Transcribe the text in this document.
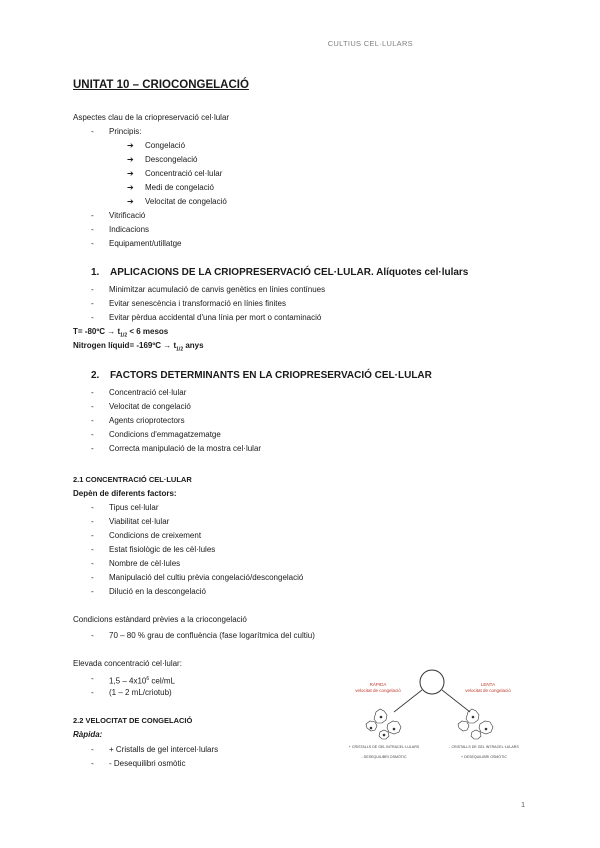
CULTIUS CEL·LULARS
UNITAT 10 – CRIOCONGELACIÓ
Aspectes clau de la criopreservació cel·lular
- Principis:
➔ Congelació
➔ Descongelació
➔ Concentració cel·lular
➔ Medi de congelació
➔ Velocitat de congelació
- Vitrificació
- Indicacions
- Equipament/utillatge
1. APLICACIONS DE LA CRIOPRESERVACIÓ CEL·LULAR. Alíquotes cel·lulars
- Minimitzar acumulació de canvis genètics en línies contínues
- Evitar senescència i transformació en línies finites
- Evitar pèrdua accidental d'una línia per mort o contaminació
T= -80ºC → $t_{1/2} < 6$ mesos
Nitrogen líquid= -169ºC → $t_{1/2}$ anys
2. FACTORS DETERMINANTS EN LA CRIOPRESERVACIÓ CEL·LULAR
- Concentració cel·lular
- Velocitat de congelació
- Agents crioprotectors
- Condicions d'emmagatzematge
- Correcta manipulació de la mostra cel·lular
2.1 CONCENTRACIÓ CEL·LULAR
Depèn de diferents factors:
- Tipus cel·lular
- Viabilitat cel·lular
- Condicions de creixement
- Estat fisiològic de les cèl·lules
- Nombre de cèl·lules
- Manipulació del cultiu prèvia congelació/descongelació
- Dilució en la descongelació
Condicions estàndard prèvies a la criocongelació
- 70 – 80 % grau de confluència (fase logarítmica del cultiu)
Elevada concentració cel·lular:
- $1,5 - 4x10^6$ cel/mL
- (1 – 2 mL/criotub)
2.2 VELOCITAT DE CONGELACIÓ
Ràpida:
- + Cristalls de gel intercel·lulars
- - Desequilibri osmòtic
RÀPIDA
velocitat de congelació
LENTA
velocitat de congelació
+ CRISTALLS DE GEL INTRACEL·LULARS
- DESEQUILIBRI OSMÒTIC
- CRISTALLS DE GEL INTRACEL·LULARS
+ DESEQUILIBRI OSMÒTIC
1
